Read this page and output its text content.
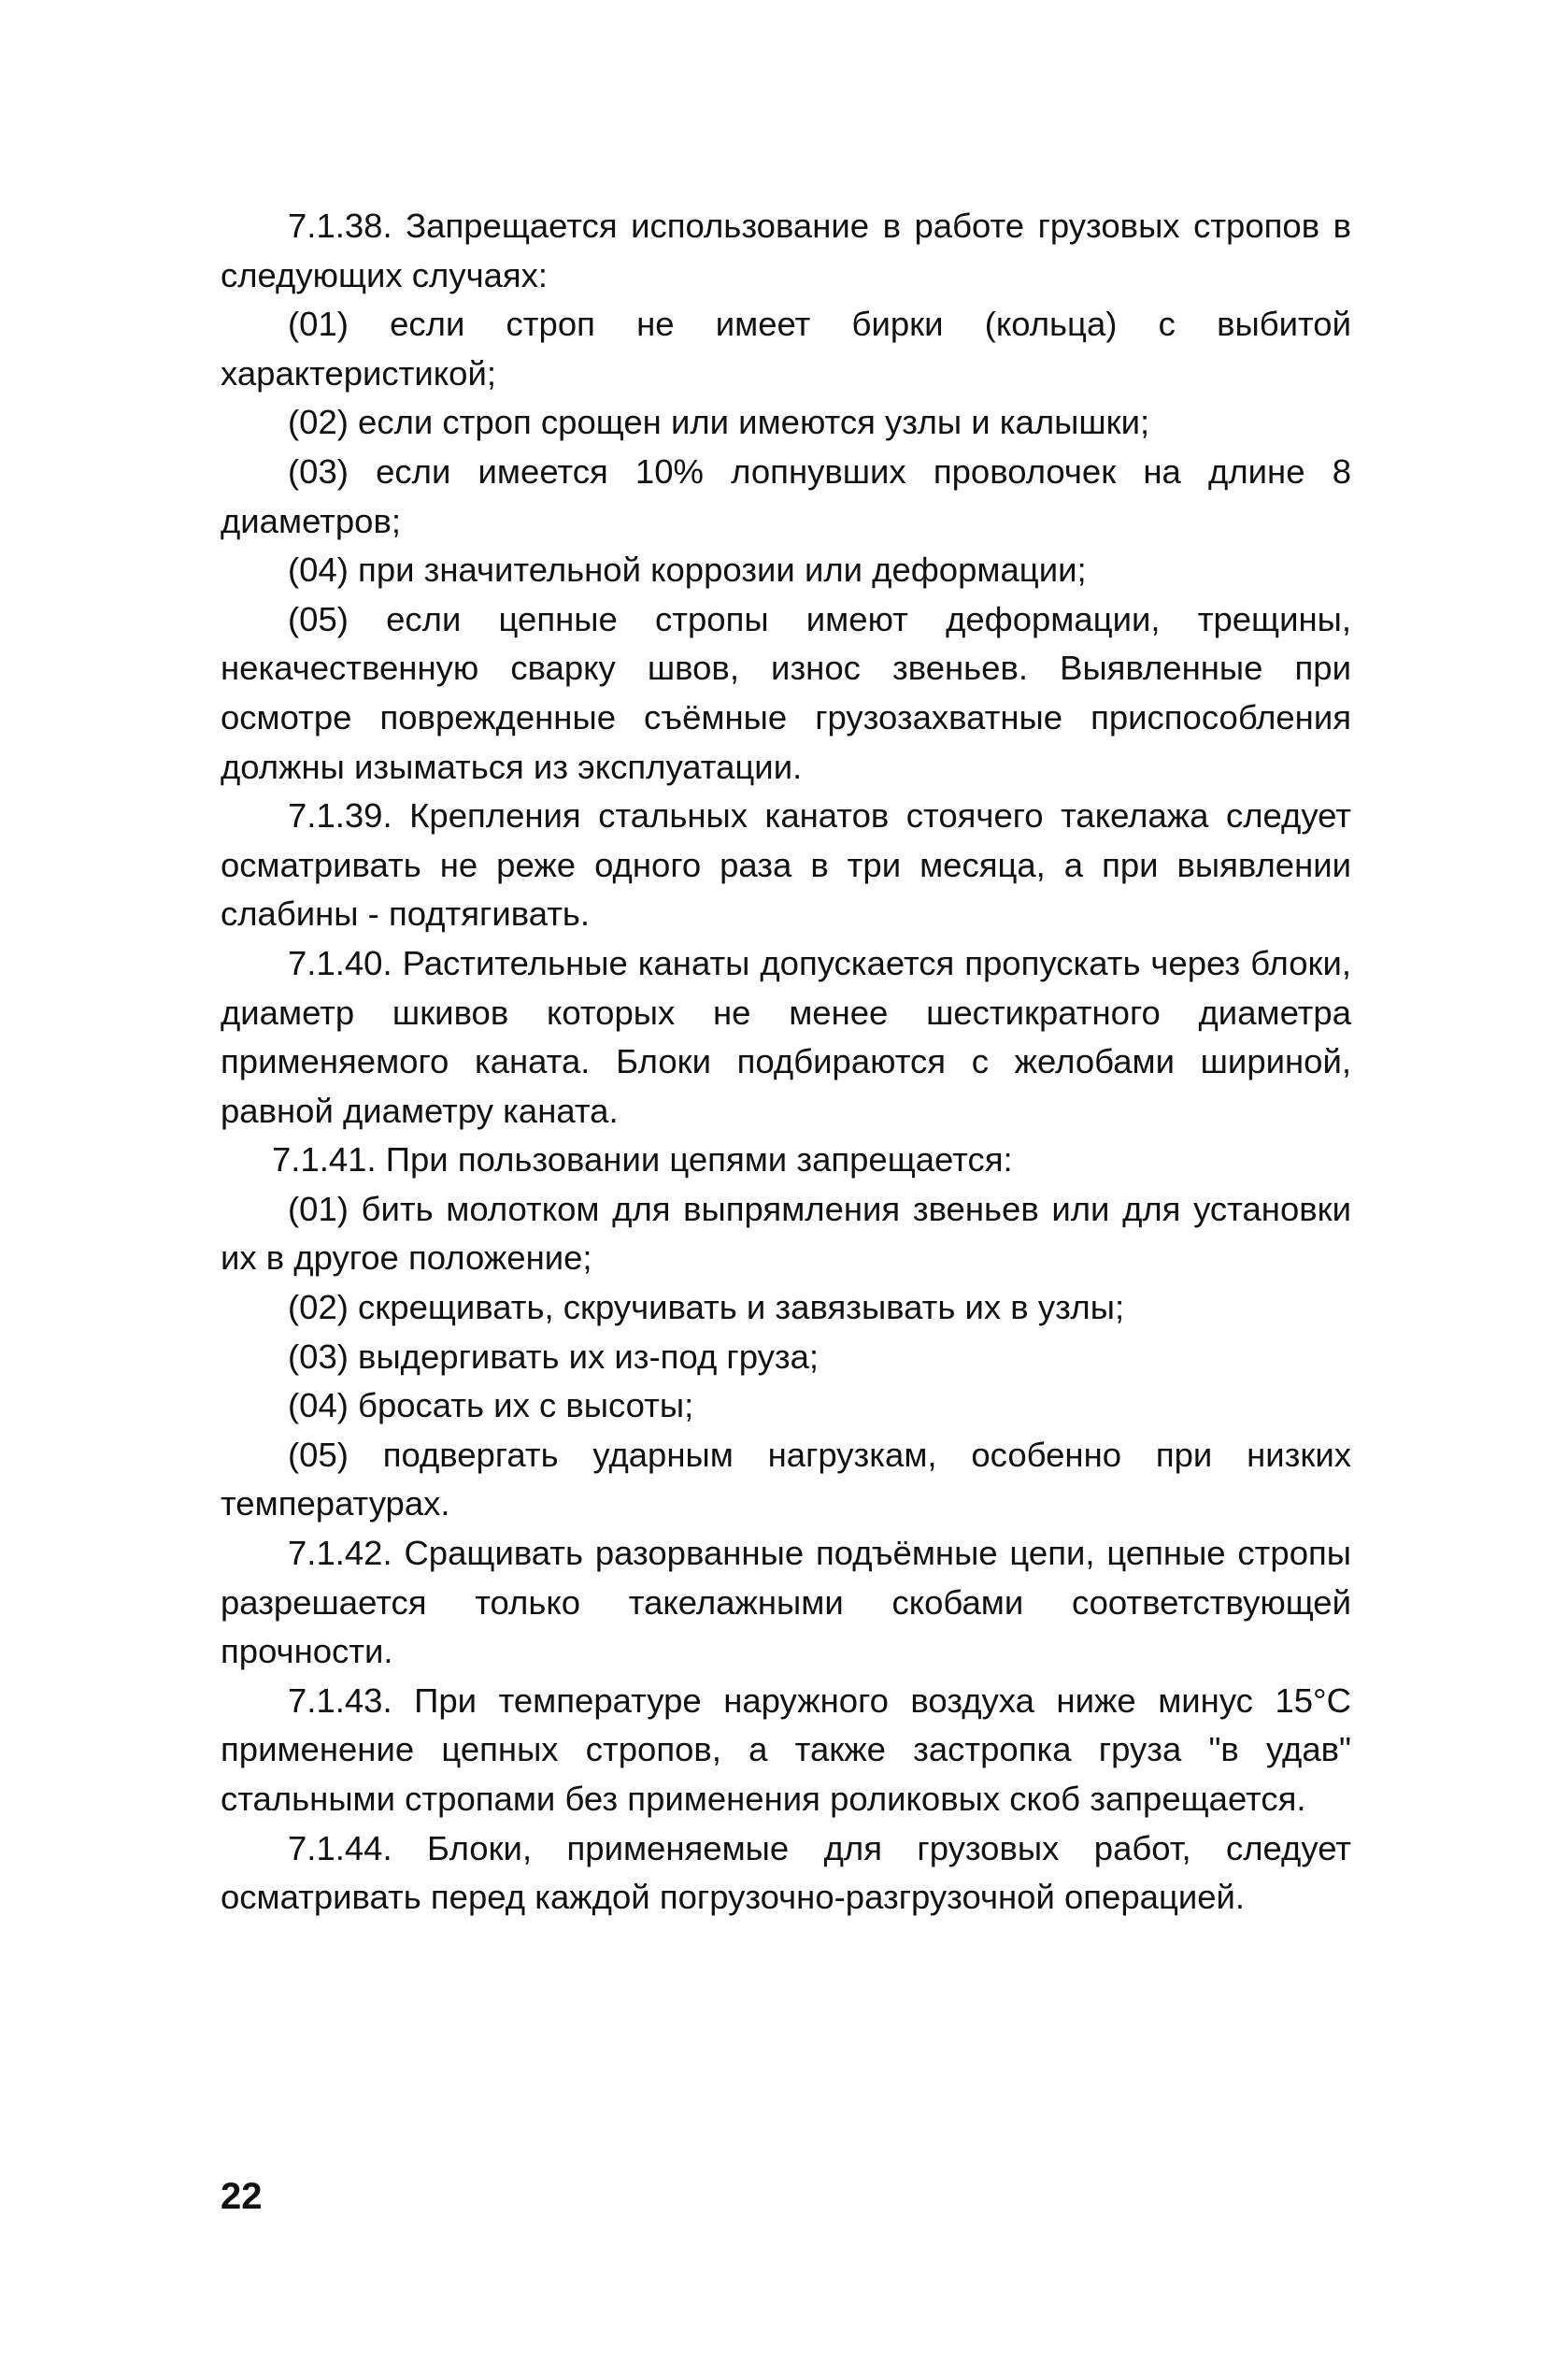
7.1.38. Запрещается использование в работе грузовых стропов в следующих случаях:

(01) если строп не имеет бирки (кольца) с выбитой характеристикой;

(02) если строп срощен или имеются узлы и калышки;

(03) если имеется 10% лопнувших проволочек на длине 8 диаметров;

(04) при значительной коррозии или деформации;

(05) если цепные стропы имеют деформации, трещины, некачественную сварку швов, износ звеньев. Выявленные при осмотре поврежденные съёмные грузозахватные приспособления должны изыматься из эксплуатации.

7.1.39. Крепления стальных канатов стоячего такелажа следует осматривать не реже одного раза в три месяца, а при выявлении слабины - подтягивать.

7.1.40. Растительные канаты допускается пропускать через блоки, диаметр шкивов которых не менее шестикратного диаметра применяемого каната. Блоки подбираются с желобами шириной, равной диаметру каната.

7.1.41. При пользовании цепями запрещается:

(01) бить молотком для выпрямления звеньев или для установки их в другое положение;

(02) скрещивать, скручивать и завязывать их в узлы;

(03) выдергивать их из-под груза;

(04) бросать их с высоты;

(05) подвергать ударным нагрузкам, особенно при низких температурах.

7.1.42. Сращивать разорванные подъёмные цепи, цепные стропы разрешается только такелажными скобами соответствующей прочности.

7.1.43. При температуре наружного воздуха ниже минус 15°С применение цепных стропов, а также застропка груза "в удав" стальными стропами без применения роликовых скоб запрещается.

7.1.44. Блоки, применяемые для грузовых работ, следует осматривать перед каждой погрузочно-разгрузочной операцией.

22
